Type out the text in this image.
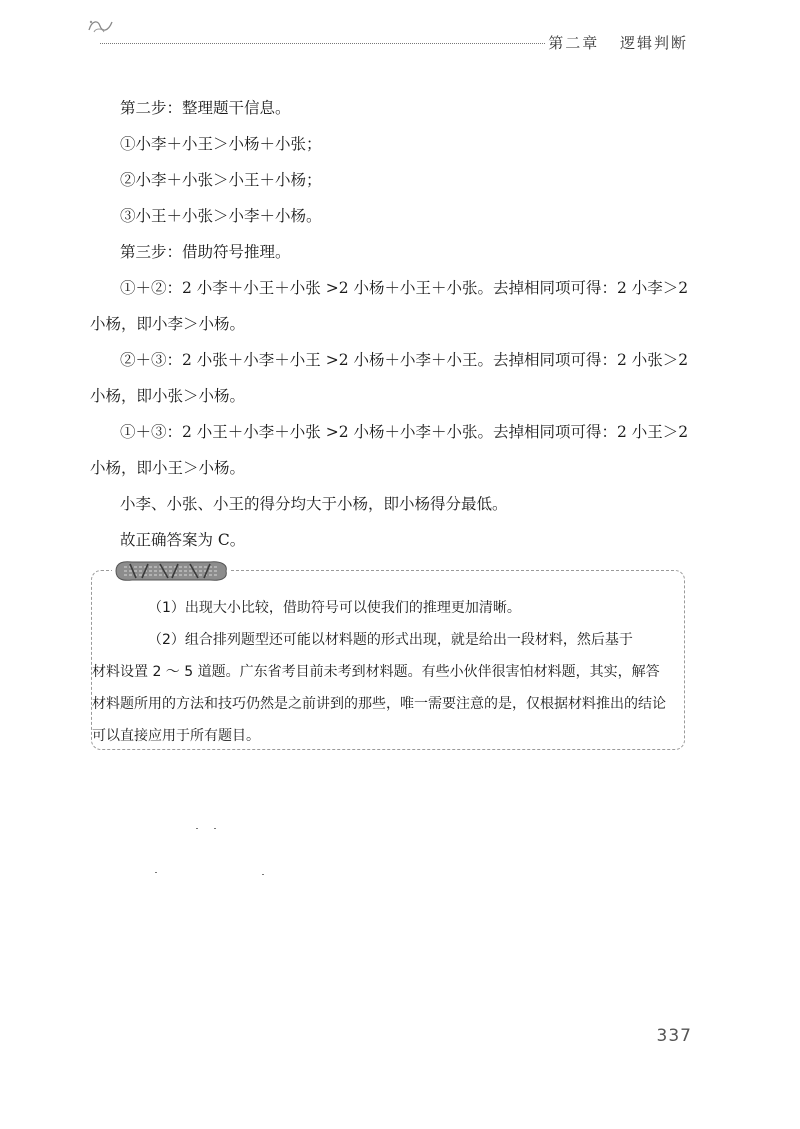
第二章 逻辑判断

第二步：整理题干信息。

①小李＋小王＞小杨＋小张；

②小李＋小张＞小王＋小杨；

③小王＋小张＞小李＋小杨。

第三步：借助符号推理。

①＋②：2 小李＋小王＋小张 >2 小杨＋小王＋小张。去掉相同项可得：2 小李＞2 小杨，即小李＞小杨。

②＋③：2 小张＋小李＋小王 >2 小杨＋小李＋小王。去掉相同项可得：2 小张＞2 小杨，即小张＞小杨。

①＋③：2 小王＋小李＋小张 >2 小杨＋小李＋小张。去掉相同项可得：2 小王＞2 小杨，即小王＞小杨。

小李、小张、小王的得分均大于小杨，即小杨得分最低。

故正确答案为 C。

（1）出现大小比较，借助符号可以使我们的推理更加清晰。

（2）组合排列题型还可能以材料题的形式出现，就是给出一段材料，然后基于

材料设置 2 ～ 5 道题。广东省考目前未考到材料题。有些小伙伴很害怕材料题，其实，解答材料题所用的方法和技巧仍然是之前讲到的那些，唯一需要注意的是，仅根据材料推出的结论可以直接应用于所有题目。

337
